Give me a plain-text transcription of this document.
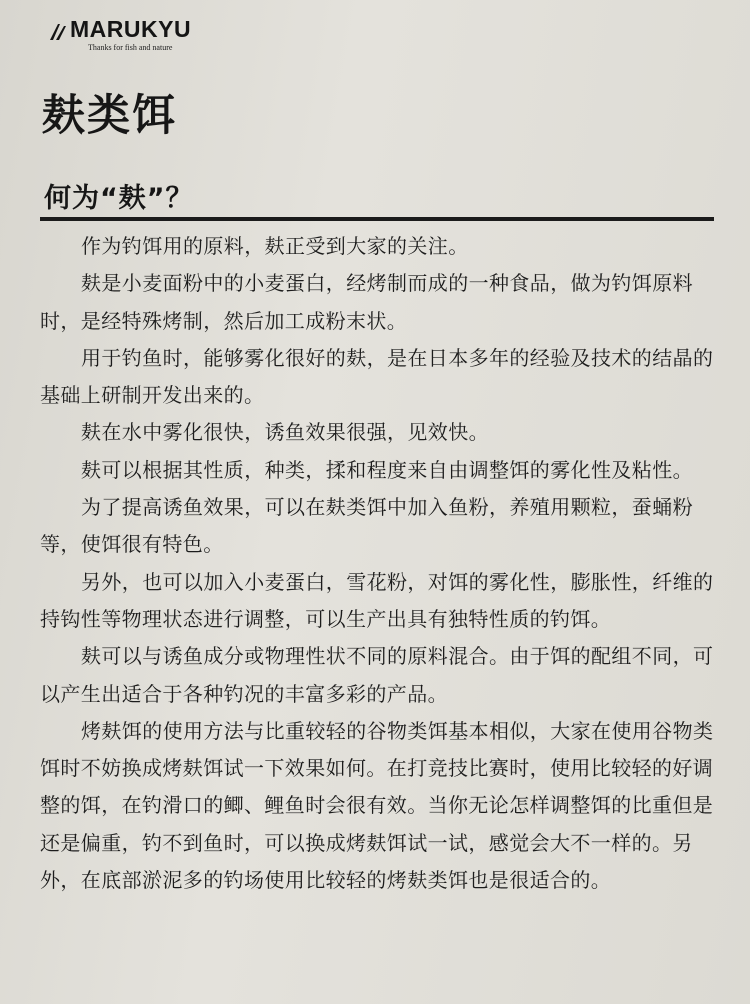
MARUKYU
Thanks for fish and nature
麸类饵
何为“麸”？

作为钓饵用的原料，麸正受到大家的关注。

麸是小麦面粉中的小麦蛋白，经烤制而成的一种食品，做为钓饵原料时，是经特殊烤制，然后加工成粉末状。

用于钓鱼时，能够雾化很好的麸，是在日本多年的经验及技术的结晶的基础上研制开发出来的。

麸在水中雾化很快，诱鱼效果很强，见效快。

麸可以根据其性质，种类，揉和程度来自由调整饵的雾化性及粘性。

为了提高诱鱼效果，可以在麸类饵中加入鱼粉，养殖用颗粒，蚕蛹粉等，使饵很有特色。

另外，也可以加入小麦蛋白，雪花粉，对饵的雾化性，膨胀性，纤维的持钩性等物理状态进行调整，可以生产出具有独特性质的钓饵。

麸可以与诱鱼成分或物理性状不同的原料混合。由于饵的配组不同，可以产生出适合于各种钓况的丰富多彩的产品。

烤麸饵的使用方法与比重较轻的谷物类饵基本相似，大家在使用谷物类饵时不妨换成烤麸饵试一下效果如何。在打竞技比赛时，使用比较轻的好调整的饵，在钓滑口的鲫、鲤鱼时会很有效。当你无论怎样调整饵的比重但是还是偏重，钓不到鱼时，可以换成烤麸饵试一试，感觉会大不一样的。另外，在底部淤泥多的钓场使用比较轻的烤麸类饵也是很适合的。
